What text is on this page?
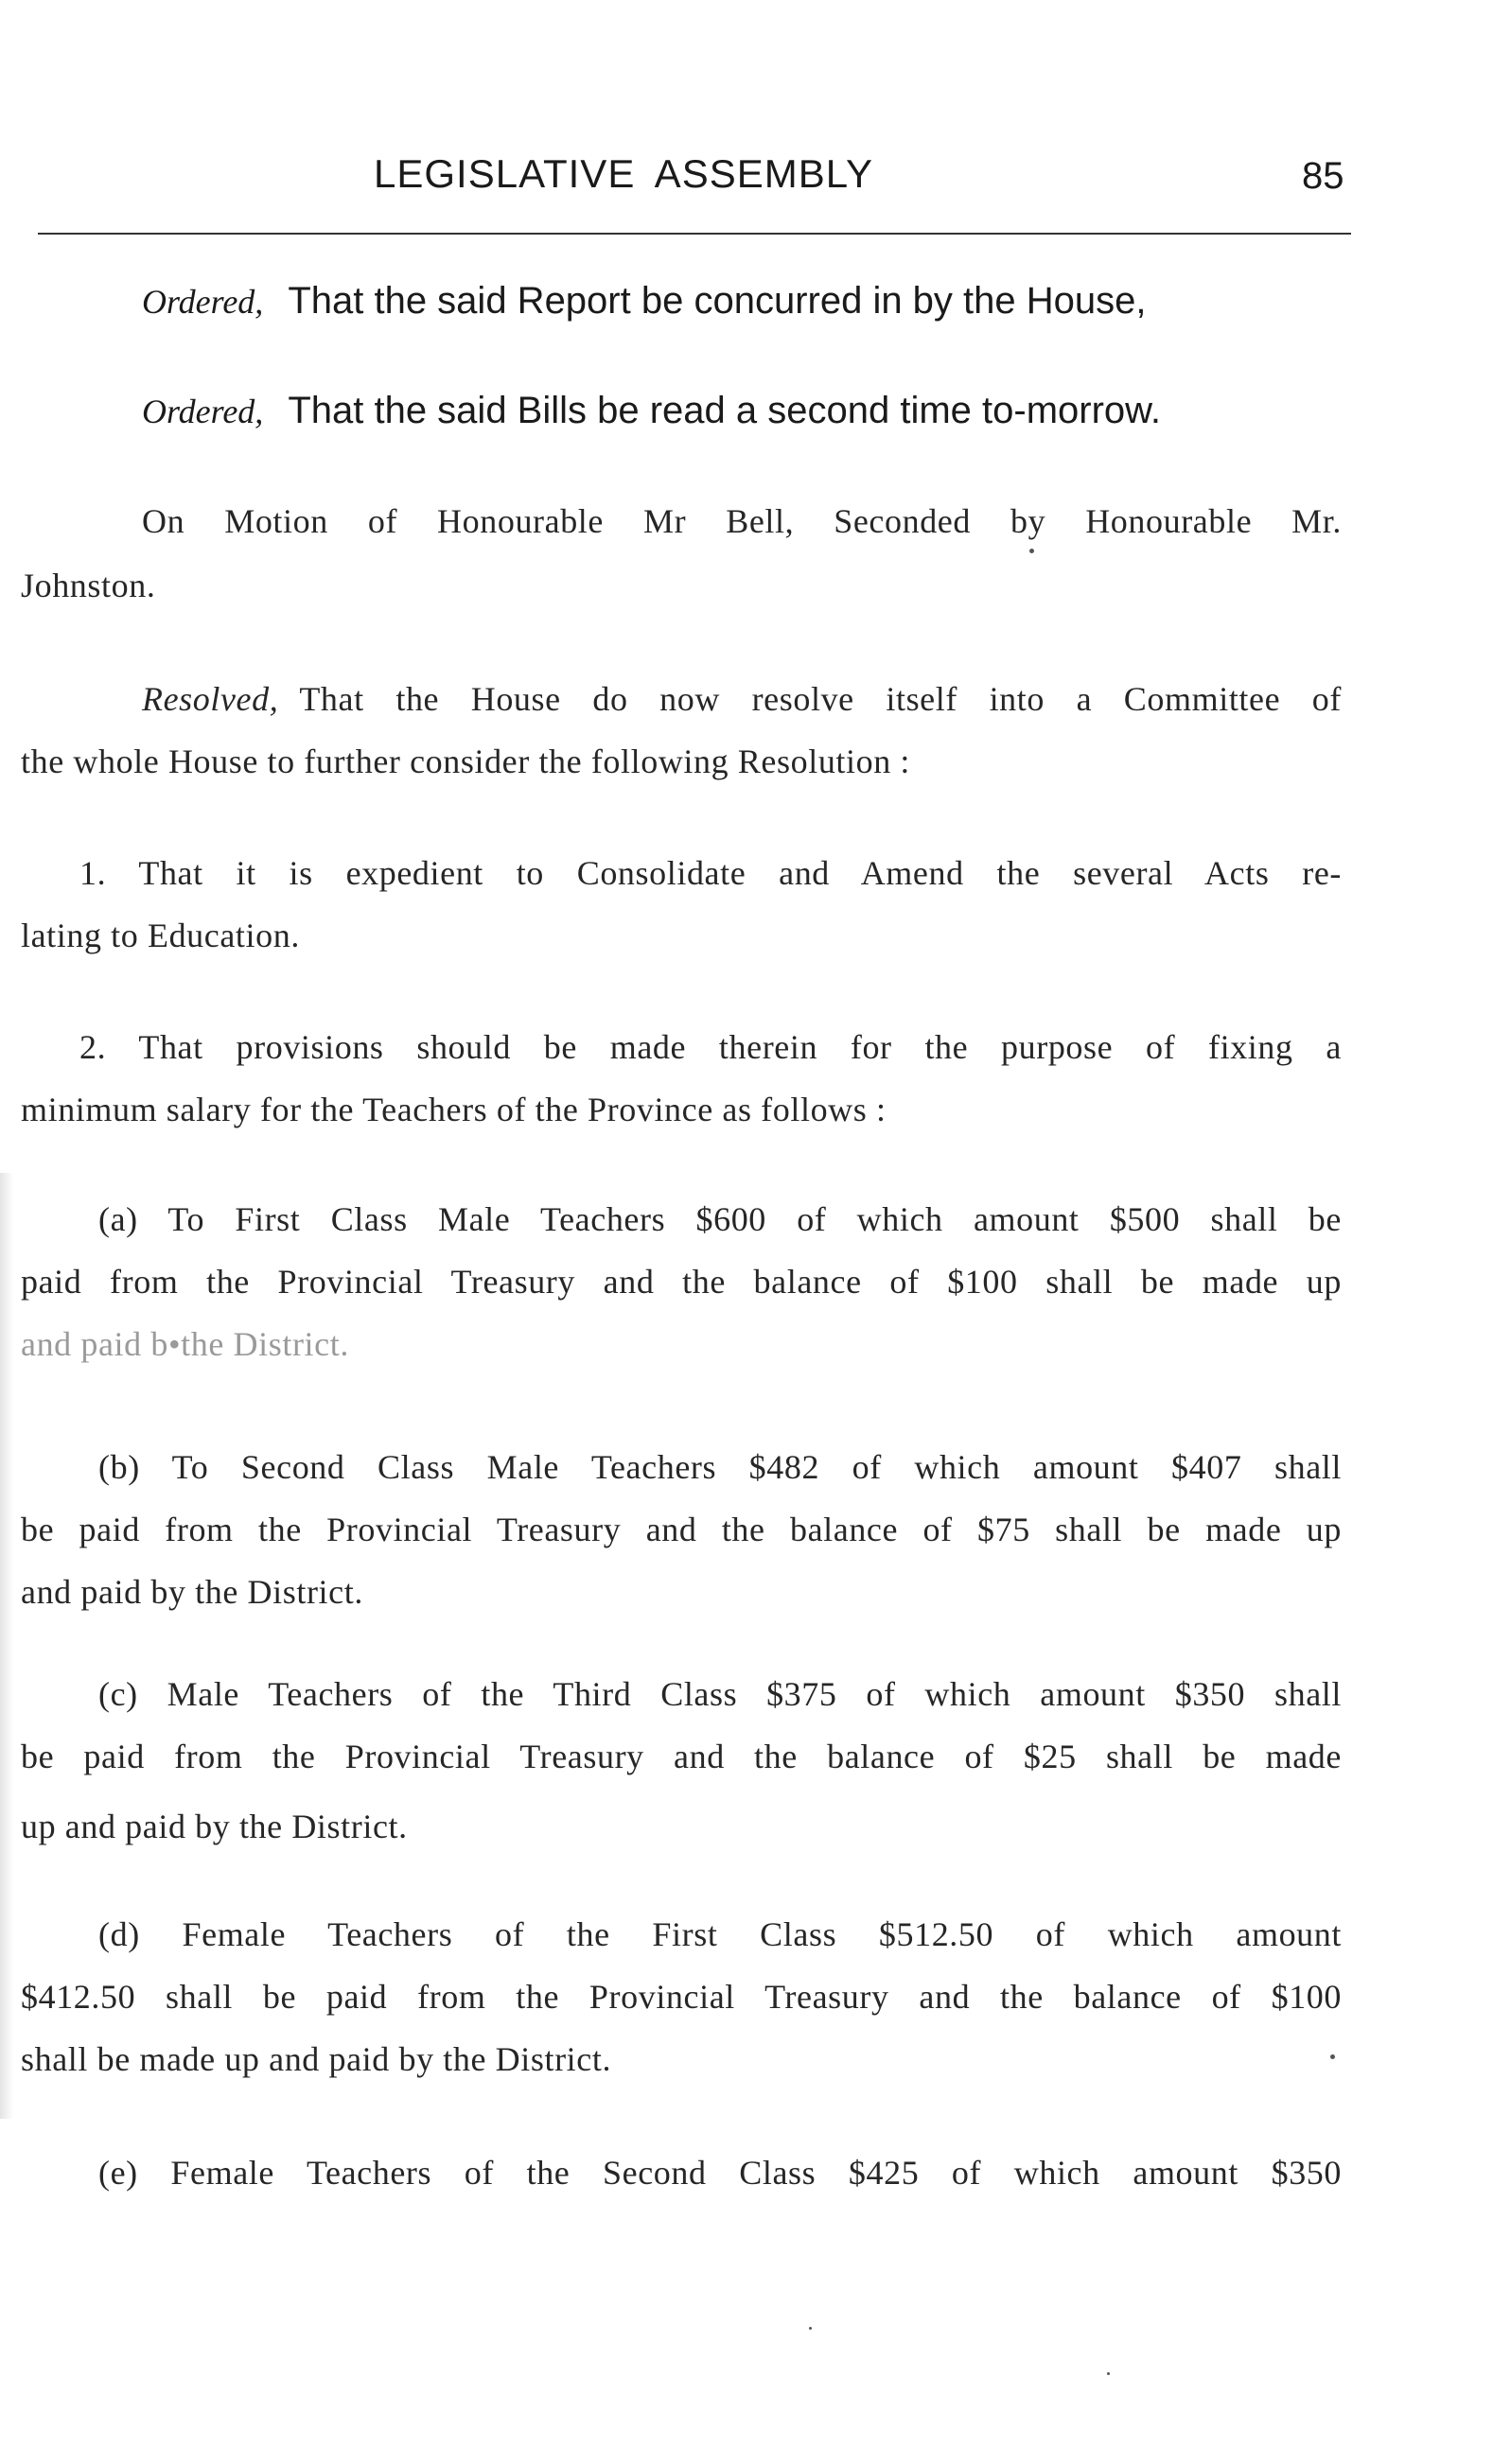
LEGISLATIVE ASSEMBLY	85
Ordered, That the said Report be concurred in by the House,
Ordered, That the said Bills be read a second time to-morrow.
On Motion of Honourable Mr Bell, Seconded by Honourable Mr.
Johnston.
Resolved, That the House do now resolve itself into a Committee of
the whole House to further consider the following Resolution :
1. That it is expedient to Consolidate and Amend the several Acts re-
lating to Education.
2. That provisions should be made therein for the purpose of fixing a
minimum salary for the Teachers of the Province as follows :
(a) To First Class Male Teachers $600 of which amount $500 shall be
paid from the Provincial Treasury and the balance of $100 shall be made up
and paid b•the District.
(b) To Second Class Male Teachers $482 of which amount $407 shall
be paid from the Provincial Treasury and the balance of $75 shall be made up
and paid by the District.
(c) Male Teachers of the Third Class $375 of which amount $350 shall
be paid from the Provincial Treasury and the balance of $25 shall be made
up and paid by the District.
(d) Female Teachers of the First Class $512.50 of which amount
$412.50 shall be paid from the Provincial Treasury and the balance of $100
shall be made up and paid by the District.
(e) Female Teachers of the Second Class $425 of which amount $350
